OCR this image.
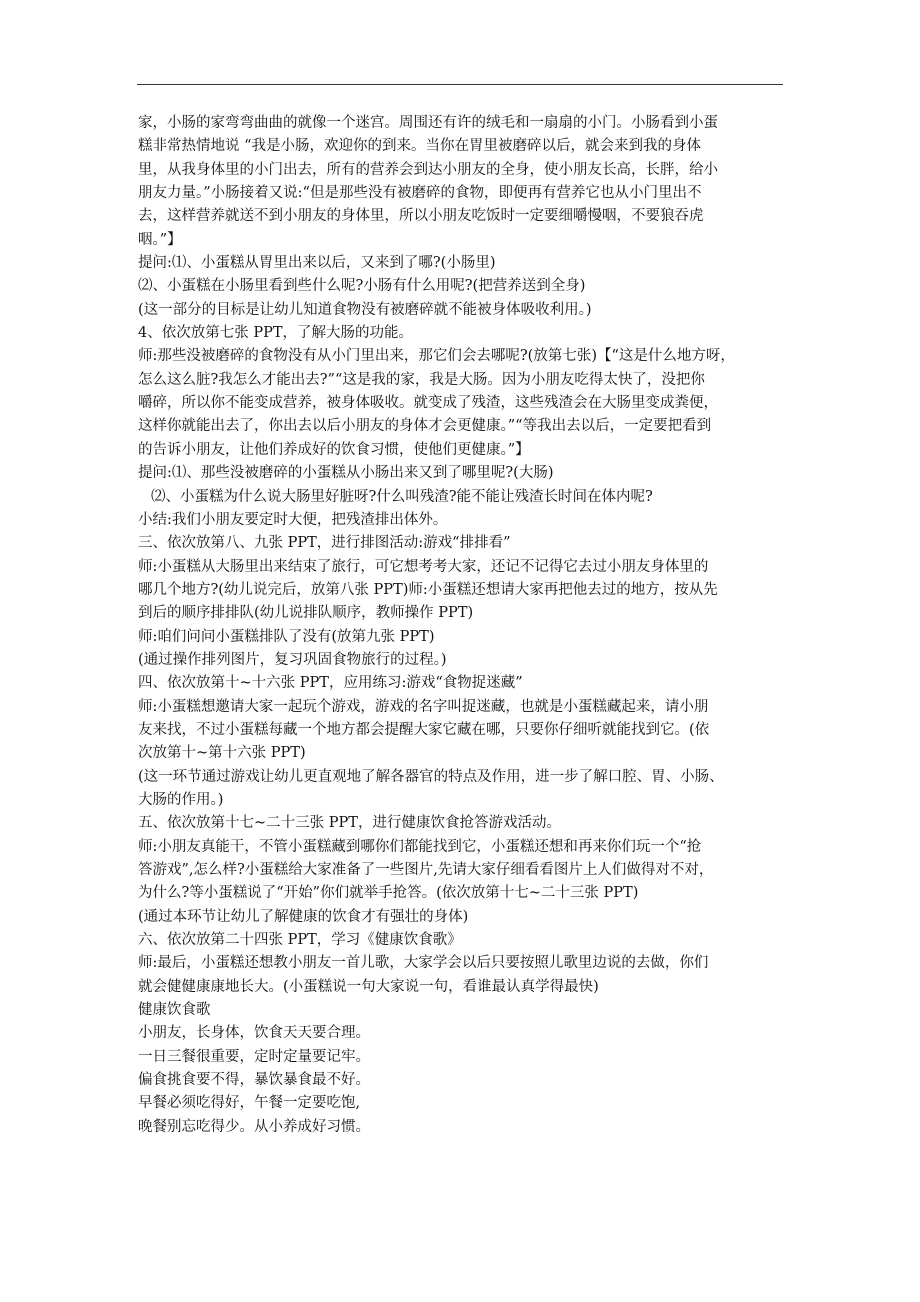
家，小肠的家弯弯曲曲的就像一个迷宫。周围还有许的绒毛和一扇扇的小门。小肠看到小蛋
糕非常热情地说 “我是小肠，欢迎你的到来。当你在胃里被磨碎以后，就会来到我的身体
里，从我身体里的小门出去，所有的营养会到达小朋友的全身，使小朋友长高，长胖，给小
朋友力量。”小肠接着又说:“但是那些没有被磨碎的食物，即便再有营养它也从小门里出不
去，这样营养就送不到小朋友的身体里，所以小朋友吃饭时一定要细嚼慢咽，不要狼吞虎
咽。”】
提问:⑴、小蛋糕从胃里出来以后，又来到了哪?(小肠里)
⑵、小蛋糕在小肠里看到些什么呢?小肠有什么用呢?(把营养送到全身)
(这一部分的目标是让幼儿知道食物没有被磨碎就不能被身体吸收利用。)
4、依次放第七张 PPT，了解大肠的功能。
师:那些没被磨碎的食物没有从小门里出来，那它们会去哪呢?(放第七张)【“这是什么地方呀，
怎么这么脏?我怎么才能出去?”“这是我的家，我是大肠。因为小朋友吃得太快了，没把你
嚼碎，所以你不能变成营养，被身体吸收。就变成了残渣，这些残渣会在大肠里变成粪便，
这样你就能出去了，你出去以后小朋友的身体才会更健康。”“等我出去以后，一定要把看到
的告诉小朋友，让他们养成好的饮食习惯，使他们更健康。”】
提问:⑴、那些没被磨碎的小蛋糕从小肠出来又到了哪里呢?(大肠)
⑵、小蛋糕为什么说大肠里好脏呀?什么叫残渣?能不能让残渣长时间在体内呢?
小结:我们小朋友要定时大便，把残渣排出体外。
三、依次放第八、九张 PPT，进行排图活动:游戏“排排看”
师:小蛋糕从大肠里出来结束了旅行，可它想考考大家，还记不记得它去过小朋友身体里的
哪几个地方?(幼儿说完后，放第八张 PPT)师:小蛋糕还想请大家再把他去过的地方，按从先
到后的顺序排排队(幼儿说排队顺序，教师操作 PPT)
师:咱们问问小蛋糕排队了没有(放第九张 PPT)
(通过操作排列图片，复习巩固食物旅行的过程。)
四、依次放第十~十六张 PPT，应用练习:游戏“食物捉迷藏”
师:小蛋糕想邀请大家一起玩个游戏，游戏的名字叫捉迷藏，也就是小蛋糕藏起来，请小朋
友来找，不过小蛋糕每藏一个地方都会提醒大家它藏在哪，只要你仔细听就能找到它。(依
次放第十~第十六张 PPT)
(这一环节通过游戏让幼儿更直观地了解各器官的特点及作用，进一步了解口腔、胃、小肠、
大肠的作用。)
五、依次放第十七~二十三张 PPT，进行健康饮食抢答游戏活动。
师:小朋友真能干，不管小蛋糕藏到哪你们都能找到它，小蛋糕还想和再来你们玩一个“抢
答游戏”,怎么样?小蛋糕给大家准备了一些图片,先请大家仔细看看图片上人们做得对不对，
为什么?等小蛋糕说了“开始”你们就举手抢答。(依次放第十七~二十三张 PPT)
(通过本环节让幼儿了解健康的饮食才有强壮的身体)
六、依次放第二十四张 PPT，学习《健康饮食歌》
师:最后，小蛋糕还想教小朋友一首儿歌，大家学会以后只要按照儿歌里边说的去做，你们
就会健健康康地长大。(小蛋糕说一句大家说一句，看谁最认真学得最快)
健康饮食歌
小朋友，长身体，饮食天天要合理。
一日三餐很重要，定时定量要记牢。
偏食挑食要不得，暴饮暴食最不好。
早餐必须吃得好，午餐一定要吃饱,
晚餐别忘吃得少。从小养成好习惯。
